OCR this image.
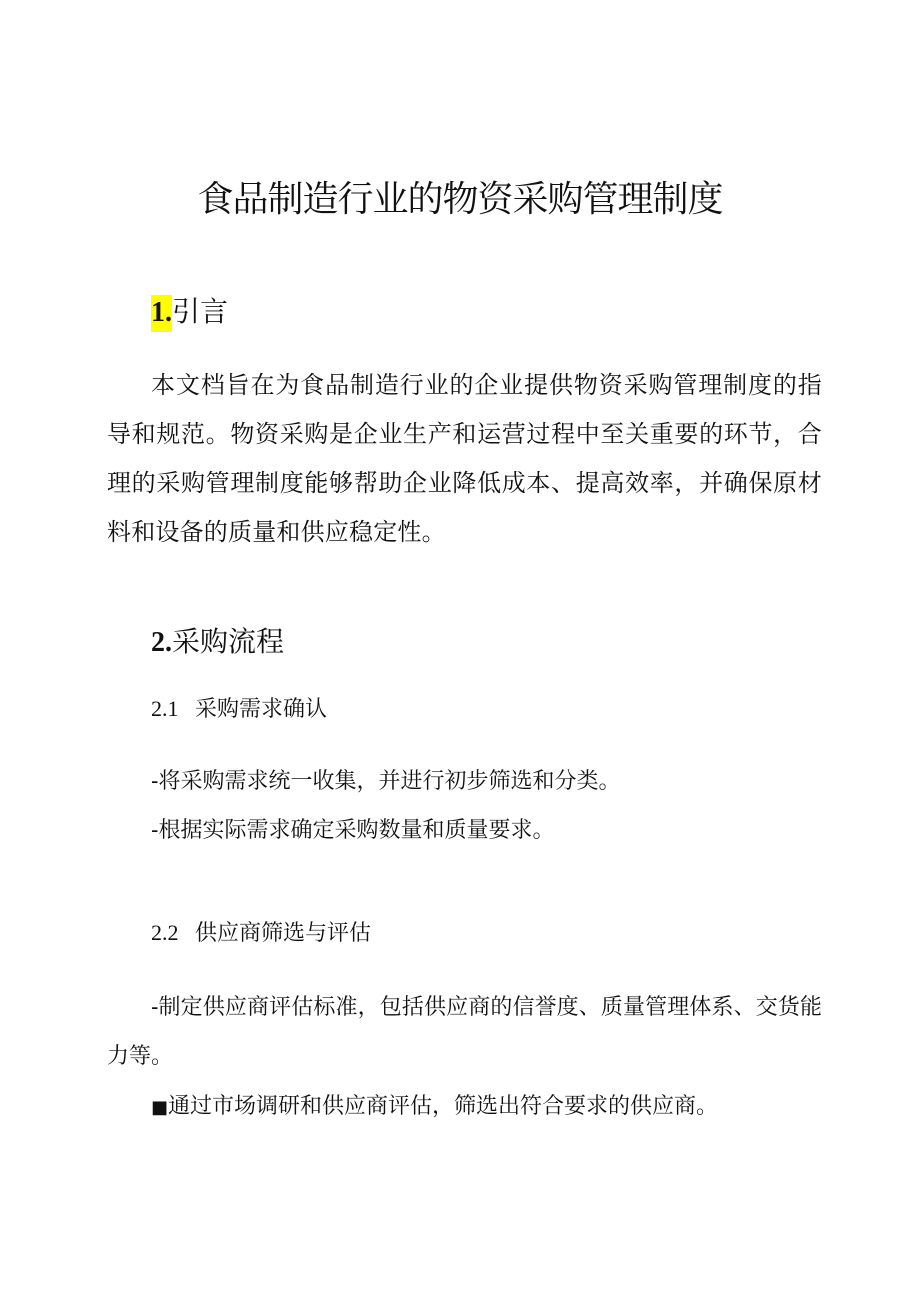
食品制造行业的物资采购管理制度
1.引言

本文档旨在为食品制造行业的企业提供物资采购管理制度的指导和规范。物资采购是企业生产和运营过程中至关重要的环节，合理的采购管理制度能够帮助企业降低成本、提高效率，并确保原材料和设备的质量和供应稳定性。

2.采购流程
2.1 采购需求确认

-将采购需求统一收集，并进行初步筛选和分类。

-根据实际需求确定采购数量和质量要求。

2.2 供应商筛选与评估

-制定供应商评估标准，包括供应商的信誉度、质量管理体系、交货能力等。

■通过市场调研和供应商评估，筛选出符合要求的供应商。
